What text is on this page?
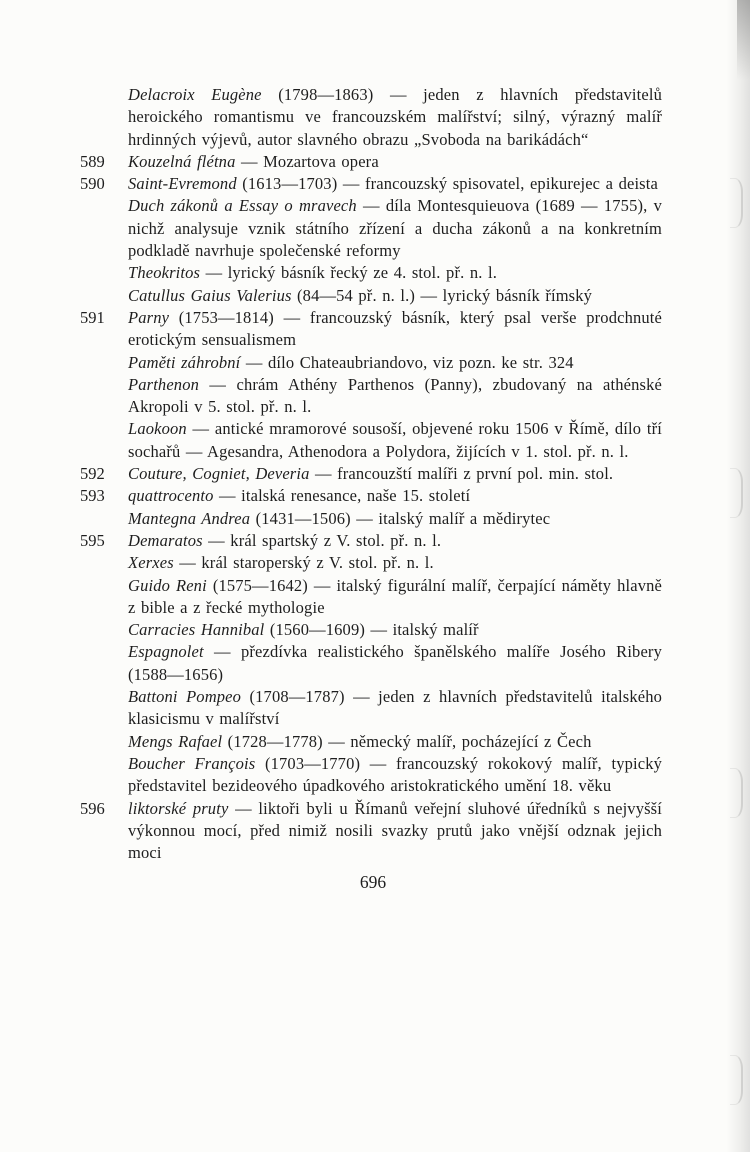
Delacroix Eugène (1798—1863) — jeden z hlavních představitelů heroického romantismu ve francouzském malířství; silný, výrazný malíř hrdinných výjevů, autor slavného obrazu „Svoboda na barikádách“

589 Kouzelná flétna — Mozartova opera

590 Saint-Evremond (1613—1703) — francouzský spisovatel, epikurejec a deista

Duch zákonů a Essay o mravech — díla Montesquieuova (1689 — 1755), v nichž analysuje vznik státního zřízení a ducha zákonů a na konkretním podkladě navrhuje společenské reformy

Theokritos — lyrický básník řecký ze 4. stol. př. n. l.

Catullus Gaius Valerius (84—54 př. n. l.) — lyrický básník římský

591 Parny (1753—1814) — francouzský básník, který psal verše prodchnuté erotickým sensualismem

Paměti záhrobní — dílo Chateaubriandovo, viz pozn. ke str. 324

Parthenon — chrám Athény Parthenos (Panny), zbudovaný na athénské Akropoli v 5. stol. př. n. l.

Laokoon — antické mramorové sousoší, objevené roku 1506 v Římě, dílo tří sochařů — Agesandra, Athenodora a Polydora, žijících v 1. stol. př. n. l.

592 Couture, Cogniet, Deveria — francouzští malíři z první pol. min. stol.

593 quattrocento — italská renesance, naše 15. století

Mantegna Andrea (1431—1506) — italský malíř a mědirytec

595 Demaratos — král spartský z V. stol. př. n. l.

Xerxes — král staroperský z V. stol. př. n. l.

Guido Reni (1575—1642) — italský figurální malíř, čerpající náměty hlavně z bible a z řecké mythologie

Carracies Hannibal (1560—1609) — italský malíř

Espagnolet — přezdívka realistického španělského malíře Josého Ribery (1588—1656)

Battoni Pompeo (1708—1787) — jeden z hlavních představitelů italského klasicismu v malířství

Mengs Rafael (1728—1778) — německý malíř, pocházející z Čech

Boucher François (1703—1770) — francouzský rokokový malíř, typický představitel bezideového úpadkového aristokratického umění 18. věku

596 liktorské pruty — liktoři byli u Římanů veřejní sluhové úředníků s nejvyšší výkonnou mocí, před nimiž nosili svazky prutů jako vnější odznak jejich moci

696
